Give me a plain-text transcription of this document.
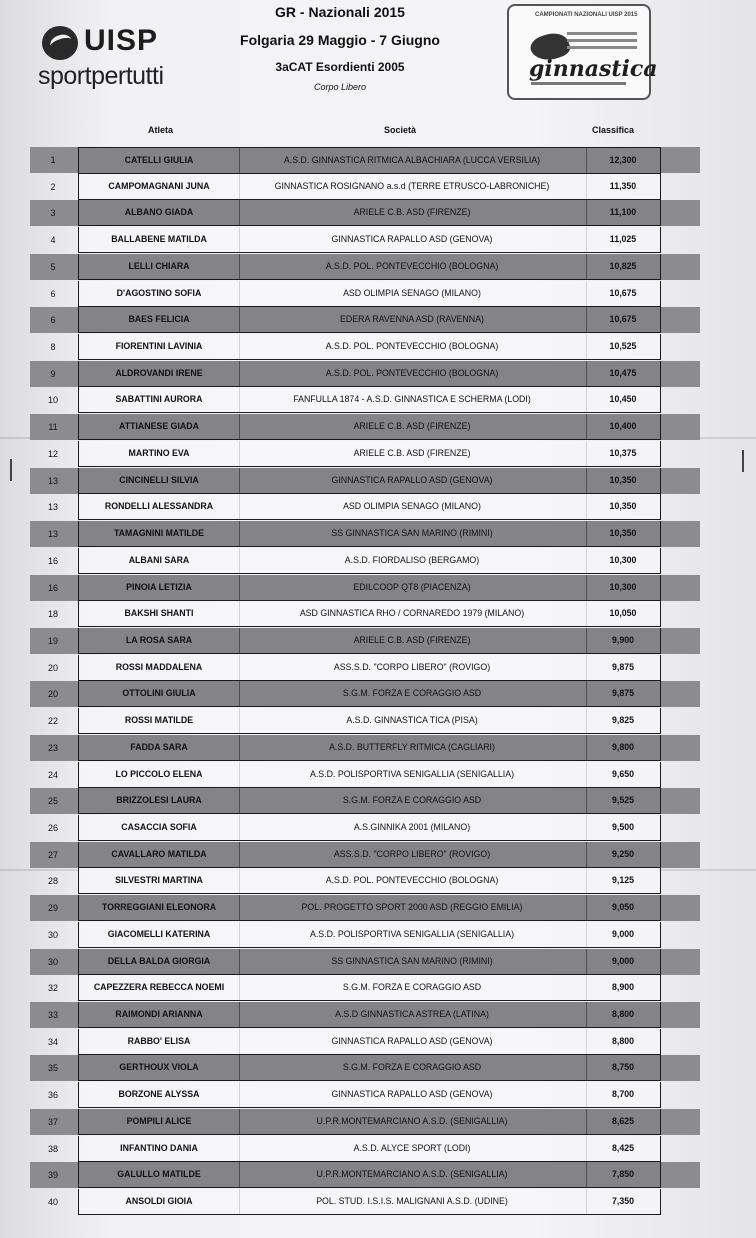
UISP
sportpertutti
GR - Nazionali 2015
Folgaria 29 Maggio - 7 Giugno
3aCAT Esordienti 2005
Corpo Libero
CAMPIONATI NAZIONALI UISP 2015
ginnastica
Atleta	Società	Classifica
1	CATELLI GIULIA	A.S.D. GINNASTICA RITMICA ALBACHIARA (LUCCA VERSILIA)	12,300
2	CAMPOMAGNANI JUNA	GINNASTICA ROSIGNANO a.s.d (TERRE ETRUSCO-LABRONICHE)	11,350
3	ALBANO GIADA	ARIELE C.B. ASD (FIRENZE)	11,100
4	BALLABENE MATILDA	GINNASTICA RAPALLO ASD (GENOVA)	11,025
5	LELLI CHIARA	A.S.D. POL. PONTEVECCHIO (BOLOGNA)	10,825
6	D'AGOSTINO SOFIA	ASD OLIMPIA SENAGO (MILANO)	10,675
6	BAES FELICIA	EDERA RAVENNA ASD (RAVENNA)	10,675
8	FIORENTINI LAVINIA	A.S.D. POL. PONTEVECCHIO (BOLOGNA)	10,525
9	ALDROVANDI IRENE	A.S.D. POL. PONTEVECCHIO (BOLOGNA)	10,475
10	SABATTINI AURORA	FANFULLA 1874 - A.S.D. GINNASTICA E SCHERMA (LODI)	10,450
11	ATTIANESE GIADA	ARIELE C.B. ASD (FIRENZE)	10,400
12	MARTINO EVA	ARIELE C.B. ASD (FIRENZE)	10,375
13	CINCINELLI SILVIA	GINNASTICA RAPALLO ASD (GENOVA)	10,350
13	RONDELLI ALESSANDRA	ASD OLIMPIA SENAGO (MILANO)	10,350
13	TAMAGNINI MATILDE	SS GINNASTICA SAN MARINO (RIMINI)	10,350
16	ALBANI SARA	A.S.D. FIORDALISO (BERGAMO)	10,300
16	PINOIA LETIZIA	EDILCOOP QT8 (PIACENZA)	10,300
18	BAKSHI SHANTI	ASD GINNASTICA RHO / CORNAREDO 1979 (MILANO)	10,050
19	LA ROSA SARA	ARIELE C.B. ASD (FIRENZE)	9,900
20	ROSSI MADDALENA	ASS.S.D. "CORPO LIBERO" (ROVIGO)	9,875
20	OTTOLINI GIULIA	S.G.M. FORZA E CORAGGIO ASD	9,875
22	ROSSI MATILDE	A.S.D. GINNASTICA TICA (PISA)	9,825
23	FADDA SARA	A.S.D. BUTTERFLY RITMICA (CAGLIARI)	9,800
24	LO PICCOLO ELENA	A.S.D. POLISPORTIVA SENIGALLIA (SENIGALLIA)	9,650
25	BRIZZOLESI LAURA	S.G.M. FORZA E CORAGGIO ASD	9,525
26	CASACCIA SOFIA	A.S.GINNIKA 2001 (MILANO)	9,500
27	CAVALLARO MATILDA	ASS.S.D. "CORPO LIBERO" (ROVIGO)	9,250
28	SILVESTRI MARTINA	A.S.D. POL. PONTEVECCHIO (BOLOGNA)	9,125
29	TORREGGIANI ELEONORA	POL. PROGETTO SPORT 2000 ASD (REGGIO EMILIA)	9,050
30	GIACOMELLI KATERINA	A.S.D. POLISPORTIVA SENIGALLIA (SENIGALLIA)	9,000
30	DELLA BALDA GIORGIA	SS GINNASTICA SAN MARINO (RIMINI)	9,000
32	CAPEZZERA REBECCA NOEMI	S.G.M. FORZA E CORAGGIO ASD	8,900
33	RAIMONDI ARIANNA	A.S.D GINNASTICA ASTREA (LATINA)	8,800
34	RABBO' ELISA	GINNASTICA RAPALLO ASD (GENOVA)	8,800
35	GERTHOUX VIOLA	S.G.M. FORZA E CORAGGIO ASD	8,750
36	BORZONE ALYSSA	GINNASTICA RAPALLO ASD (GENOVA)	8,700
37	POMPILI ALICE	U.P.R.MONTEMARCIANO A.S.D. (SENIGALLIA)	8,625
38	INFANTINO DANIA	A.S.D. ALYCE SPORT (LODI)	8,425
39	GALULLO MATILDE	U.P.R.MONTEMARCIANO A.S.D. (SENIGALLIA)	7,850
40	ANSOLDI GIOIA	POL. STUD. I.S.I.S. MALIGNANI A.S.D. (UDINE)	7,350
